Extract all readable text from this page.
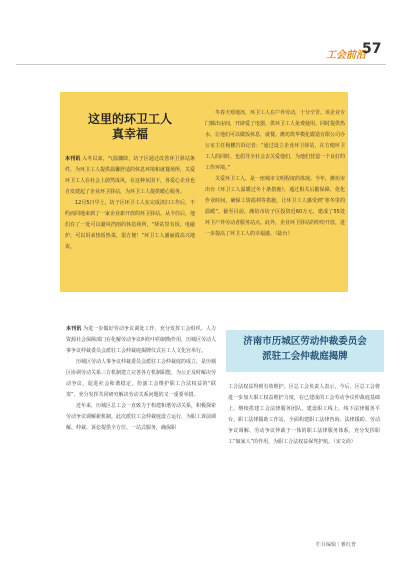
工会前沿
57

这里的环卫工人

真幸福

本刊讯 入冬以来，气温骤降，坊子区通过改善环卫驿站条件，为环卫工人提供温馨舒适的休息环境和就餐场所，关爱环卫工人在社会上蔚然成风，在这种氛围下，各爱心企业也自发建起了企业环卫驿站，为环卫工人提供暖心服务。

12月5日早上，坊子区环卫工人在完成清扫工作后，不约而同地来到了一家企业新开放的环卫驿站。从今往后，他们有了一处可以避风挡雨的休息场所，“驿站里有饭、电磁炉，可以用来热饭热菜，很方便！”环卫工人潘丽霞高兴地说。

冬春天寒地冻，环卫工人在户外劳动，十分辛苦。该企业专门腾出房间，开辟爱了电器，供环卫工人免费使用。同时提供热水，让他们可以做饭休息，就餐。潍坊凯华模化锻造有限公司办公室主任杨鹏告诉记者：“通过设立企业环卫驿站，在方便环卫工人的同时，也倡导全社会去关爱他们，为他们营造一个良好的工作环境。”

关爱环卫工人，是一座城市文明程度的体现。今年，潍坊市出台《环卫工人温暖过冬十条措施》，通过相关后勤保障、优化作业时间，确保工资福利等措施，让环卫工人感受到“寒冬里的温暖”。截至目前，潍坊市坊子区投资近60万元，建成了55处环卫户外劳动者服务站点。此外，企业环卫驿站的纷纷开放，进一步提高了环卫工人的幸福感。（陆台）

济南市历城区劳动仲裁委员会
派驻工会仲裁庭揭牌

本刊讯 为进一步做好劳动争议调处工作，充分发挥工会组织、人力资源社会保障部门在化解劳动争议纠纷中的制衡作用，历城区劳动人事争议仲裁委员会派驻工会仲裁庭揭牌仪式在工人文化宫举行。

历城区劳动人事争议仲裁委员会派驻工会仲裁庭的成立，是历城区协调劳动关系三方机制建立完善各方机制职能，为公正及时解决劳动争议，促进社会和谐稳定，扮演工会维护职工合法权益的“联奏”，充分发挥共同研究解决劳动关系问题的又一重要举措。

近年来，历城区总工会一直致力于构建和谐劳动关系，积极探索劳动争议调解新机制。此次派驻工会仲裁庭设立运行，为职工诉前调解、仲裁、诉讼提供全方位、一站式服务，确保职

工合法权益得到有效维护。区总工会负责人表示，今后，区总工会将进一步加大职工权益维护力度，在已建成的工会劳动争议仲裁庭基础上，继续搭建工会法律服务团队，建设职工线上、线下法律服务平台，职工法律援助工作站，全面构建职工法律咨询、法律援助、劳动争议调解、劳动争议仲裁于一体的职工法律服务体系，充分发挥职工“娘家人”的作用，为职工合法权益保驾护航。（宋文尚）

栏目编辑｜雅红普
